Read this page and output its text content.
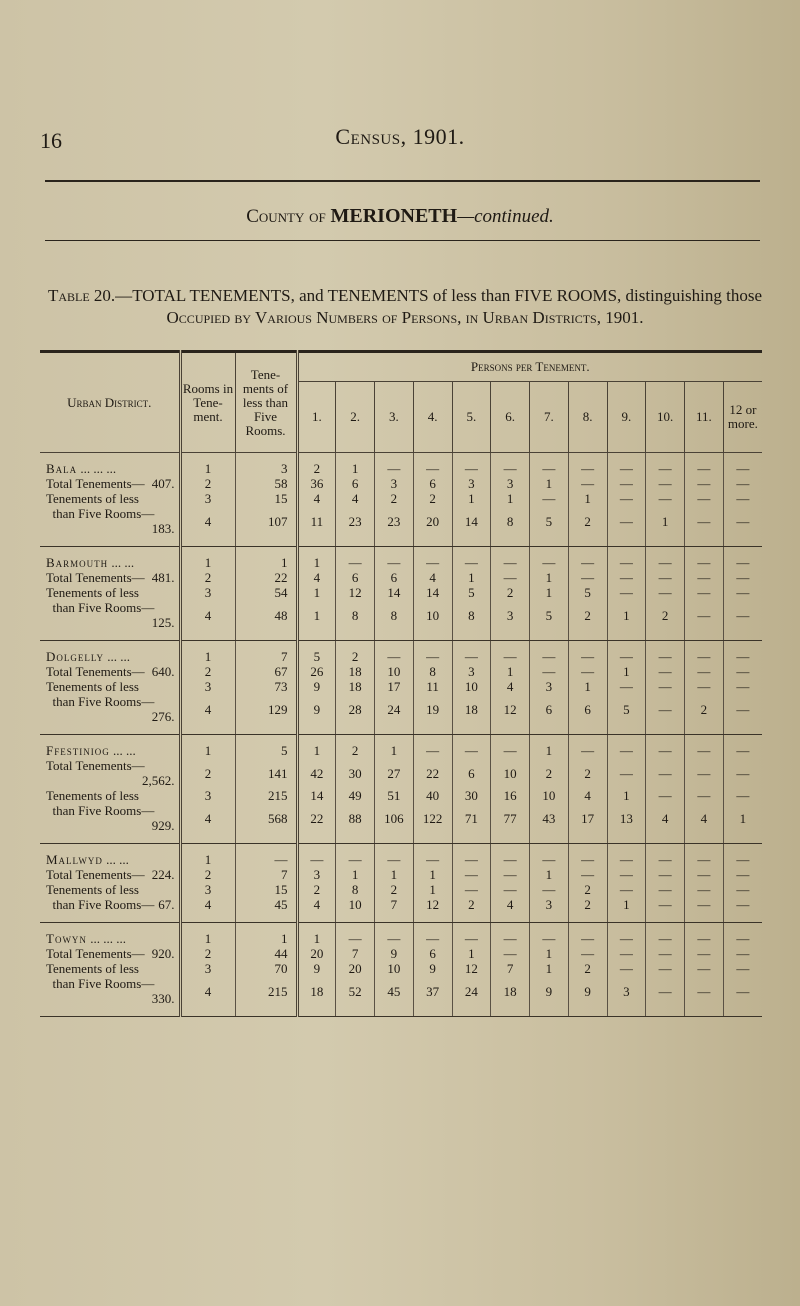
16	Census, 1901.
County of MERIONETH—continued.
Table 20.—TOTAL TENEMENTS, and TENEMENTS of less than FIVE ROOMS, distinguishing those
Occupied by Various Numbers of Persons, in Urban Districts, 1901.
Urban District.	Rooms in Tene-ment.	Tene-ments of less than Five Rooms.	Persons per Tenement.											
			1.	2.	3.	4.	5.	6.	7.	8.	9.	10.	11.	12 or more.
Bala ... ... ...	1	3	2	1	—	—	—	—	—	—	—	—	—	—
Total Tenements— 407.	2	58	36	6	3	6	3	3	1	—	—	—	—	—
Tenements of less	3	15	4	4	2	2	1	1	—	1	—	—	—	—
than Five Rooms—
183.	4	107	11	23	23	20	14	8	5	2	—	1	—	—
Barmouth ... ...	1	1	1	—	—	—	—	—	—	—	—	—	—	—
Total Tenements— 481.	2	22	4	6	6	4	1	—	1	—	—	—	—	—
Tenements of less	3	54	1	12	14	14	5	2	1	5	—	—	—	—
than Five Rooms—
125.	4	48	1	8	8	10	8	3	5	2	1	2	—	—
Dolgelly ... ...	1	7	5	2	—	—	—	—	—	—	—	—	—	—
Total Tenements— 640.	2	67	26	18	10	8	3	1	—	—	1	—	—	—
Tenements of less	3	73	9	18	17	11	10	4	3	1	—	—	—	—
than Five Rooms—
276.	4	129	9	28	24	19	18	12	6	6	5	—	2	—
Ffestiniog ... ...	1	5	1	2	1	—	—	—	1	—	—	—	—	—
Total Tenements—
2,562.	2	141	42	30	27	22	6	10	2	2	—	—	—	—
Tenements of less	3	215	14	49	51	40	30	16	10	4	1	—	—	—
than Five Rooms—
929.	4	568	22	88	106	122	71	77	43	17	13	4	4	1
Mallwyd ... ...	1	—	—	—	—	—	—	—	—	—	—	—	—	—
Total Tenements— 224.	2	7	3	1	1	1	—	—	1	—	—	—	—	—
Tenements of less	3	15	2	8	2	1	—	—	—	2	—	—	—	—
than Five Rooms— 67.	4	45	4	10	7	12	2	4	3	2	1	—	—	—
Towyn ... ... ...	1	1	1	—	—	—	—	—	—	—	—	—	—	—
Total Tenements— 920.	2	44	20	7	9	6	1	—	1	—	—	—	—	—
Tenements of less	3	70	9	20	10	9	12	7	1	2	—	—	—	—
than Five Rooms—
330.	4	215	18	52	45	37	24	18	9	9	3	—	—	—
